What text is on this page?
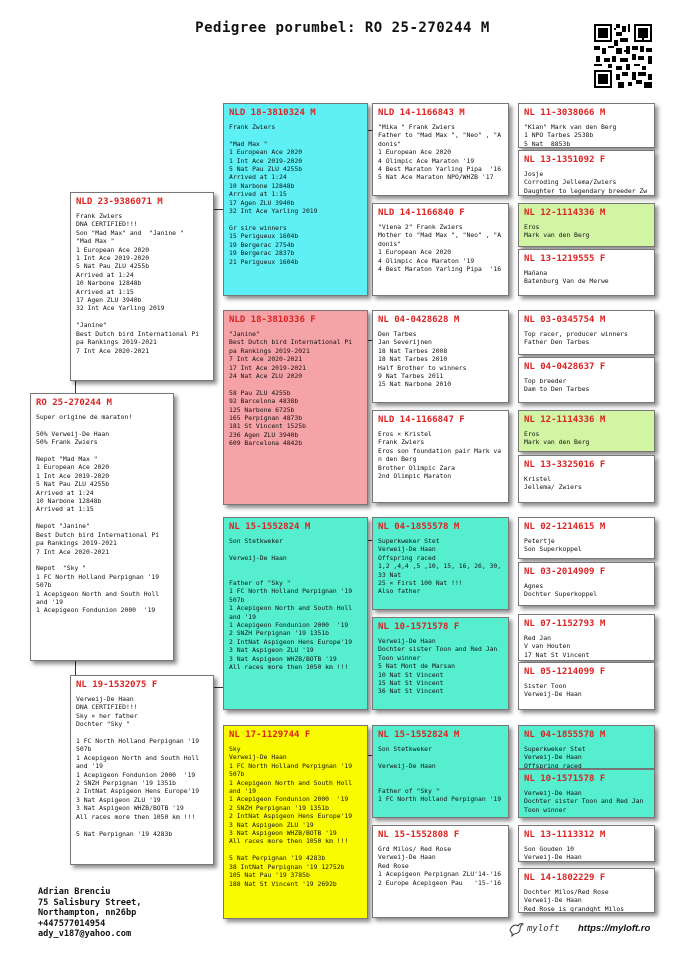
Pedigree porumbel: RO 25-270244 M
RO 25-270244 M
Super origine de maraton!

50% Verweij-De Haan
50% Frank Zwiers

Nepot "Mad Max "
1 European Ace 2020
1 Int Ace 2019-2020
5 Nat Pau ZLU 4255b
Arrived at 1:24
10 Narbone 12848b
Arrived at 1:15

Nepot "Janine"
Best Dutch bird International Pi
pa Rankings 2019-2021
7 Int Ace 2020-2021

Nepot  "Sky "
1 FC North Holland Perpignan '19
507b
1 Acepigeon North and South Holl
and '19
1 Acepigeon Fondunion 2000  '19
NLD 23-9386071 M
Frank Zwiers
DNA CERTIFIED!!!
Son "Mad Max" and  "Janine "
"Mad Max "
1 European Ace 2020
1 Int Ace 2019-2020
5 Nat Pau ZLU 4255b
Arrived at 1:24
10 Narbone 12848b
Arrived at 1:15
17 Agen ZLU 3940b
32 Int Ace Yarling 2019

"Janine"
Best Dutch bird International Pi
pa Rankings 2019-2021
7 Int Ace 2020-2021
NL 19-1532075 F
Verweij-De Haan
DNA CERTIFIED!!!
Sky × her father
Dochter "Sky "

1 FC North Holland Perpignan '19
507b
1 Acepigeon North and South Holl
and '19
1 Acepigeon Fondunion 2000  '19
2 SNZH Perpignan '19 1351b
2 IntNat Aspigeon Hens Europe'19
3 Nat Aspigeon ZLU '19
3 Nat Aspigeon WHZB/BOTB '19
All races more then 1050 km !!!

5 Nat Perpignan '19 4283b
NLD 18-3810324 M
Frank Zwiers

"Mad Max "
1 European Ace 2020
1 Int Ace 2019-2020
5 Nat Pau ZLU 4255b
Arrived at 1:24
10 Narbone 12848b
Arrived at 1:15
17 Agen ZLU 3940b
32 Int Ace Yarling 2019

Gr sire winners
15 Perigueux 1604b
19 Bergerac 2754b
19 Bergerac 2837b
21 Perigueux 1604b
NLD 18-3810336 F
"Janine"
Best Dutch bird International Pi
pa Rankings 2019-2021
7 Int Ace 2020-2021
17 Int Ace 2019-2021
24 Nat Ace ZLU 2020

58 Pau ZLU 4255b
92 Barcelona 4838b
125 Narbone 6725b
165 Perpignan 4873b
181 St Vincent 1525b
236 Agen ZLU 3940b
609 Barcelona 4842b
NL 15-1552824 M
Son Stetkweker

Verweij-De Haan

Father of "Sky "
1 FC North Holland Perpignan '19
507b
1 Acepigeon North and South Holl
and '19
1 Acepigeon Fondunion 2000  '19
2 SNZH Perpignan '19 1351b
2 IntNat Aspigeon Hens Europe'19
3 Nat Aspigeon ZLU '19
3 Nat Aspigeon WHZB/BOTB '19
All races more then 1050 km !!!
NL 17-1129744 F
Sky
Verweij-De Haan
1 FC North Holland Perpignan '19
507b
1 Acepigeon North and South Holl
and '19
1 Acepigeon Fondunion 2000  '19
2 SNZH Perpignan '19 1351b
2 IntNat Aspigeon Hens Europe'19
3 Nat Aspigeon ZLU '19
3 Nat Aspigeon WHZB/BOTB '19
All races more then 1050 km !!!

5 Nat Perpignan '19 4283b
38 IntNat Perpignan '19 12752b
105 Nat Pau '19 3785b
188 Nat St Vincent '19 2692b
NLD 14-1166843 M
"Mika " Frank Zwiers
Father to "Mad Max ", "Neo" , "A
donis"
1 European Ace 2020
4 Olimpic Ace Maraton '19
4 Best Maraton Yarling Pipa  '16
5 Nat Ace Maraton NPO/WHZB '17
NLD 14-1166840 F
"Viena 2" Frank Zwiers
Mother to "Mad Max ", "Neo" , "A
donis"
1 European Ace 2020
4 Olimpic Ace Maraton '19
4 Best Maraton Yarling Pipa  '16
NL 04-0428628 M
Den Tarbes
Jan Severijnen
18 Nat Tarbes 2008
18 Nat Tarbes 2010
Half Brother to winners
9 Nat Tarbes 2011
15 Nat Narbone 2010
NLD 14-1166847 F
Eros × Kristel
Frank Zwiers
Eros son foundation pair Mark va
n den Berg
Brother Olimpic Zara
2nd Olimpic Maraton
NL 04-1855578 M
Superkweker Stet
Verweij-De Haan
Offspring raced
1,2 ,4,4 ,5 ,10, 15, 16, 26, 30,
33 Nat
25 × First 100 Nat !!!
Also father
NL 10-1571578 F
Verweij-De Haan
Dochter sister Toon and Red Jan
Toon winner
5 Nat Mont de Marsan
10 Nat St Vincent
15 Nat St Vincent
36 Nat St Vincent
NL 15-1552824 M
Son Stetkweker

Verweij-De Haan

Father of "Sky "
1 FC North Holland Perpignan '19
NL 15-1552808 F
Grd Milos/ Red Rose
Verweij-De Haan
Red Rose
1 Acepigeon Perpignan ZLU'14-'16
2 Europe Acepigeon Pau   '15-'16
NL 11-3038066 M
"Kian" Mark van den Berg
1 NPO Tarbes 2538b
5 Nat  8853b
NL 13-1351092 F
Josje
Corroding Jellema/Zwiers
Daughter to legendary breeder Zw
NL 12-1114336 M
Eros
Mark van den Berg
NL 13-1219555 F
Mañana
Batenburg Van de Merwe
NL 03-0345754 M
Top racer, producer winners
Father Den Tarbes
NL 04-0428637 F
Top breeder
Dam to Den Tarbes
NL 12-1114336 M
Eros
Mark van den Berg
NL 13-3325016 F
Kristel
Jellema/ Zwiers
NL 02-1214615 M
Petertje
Son Superkoppel
NL 03-2014909 F
Agnes
Dochter Superkoppel
NL 07-1152793 M
Red Jan
V van Houten
17 Nat St Vincent
NL 05-1214099 F
Sister Toon
Verweij-De Haan
NL 04-1855578 M
Superkweker Stet
Verweij-De Haan
Offspring raced
NL 10-1571578 F
Verweij-De Haan
Dochter sister Toon and Red Jan
Toon winner
NL 13-1113312 M
Son Gouden 10
Verweij-De Haan
NL 14-1802229 F
Dochter Milos/Red Rose
Verweij-De Haan
Red Rose is grandght Milos
Adrian Brenciu
75 Salisbury Street,
Northampton, nn26bp
+447577014954
ady_v187@yahoo.com
myloft https://myloft.ro
